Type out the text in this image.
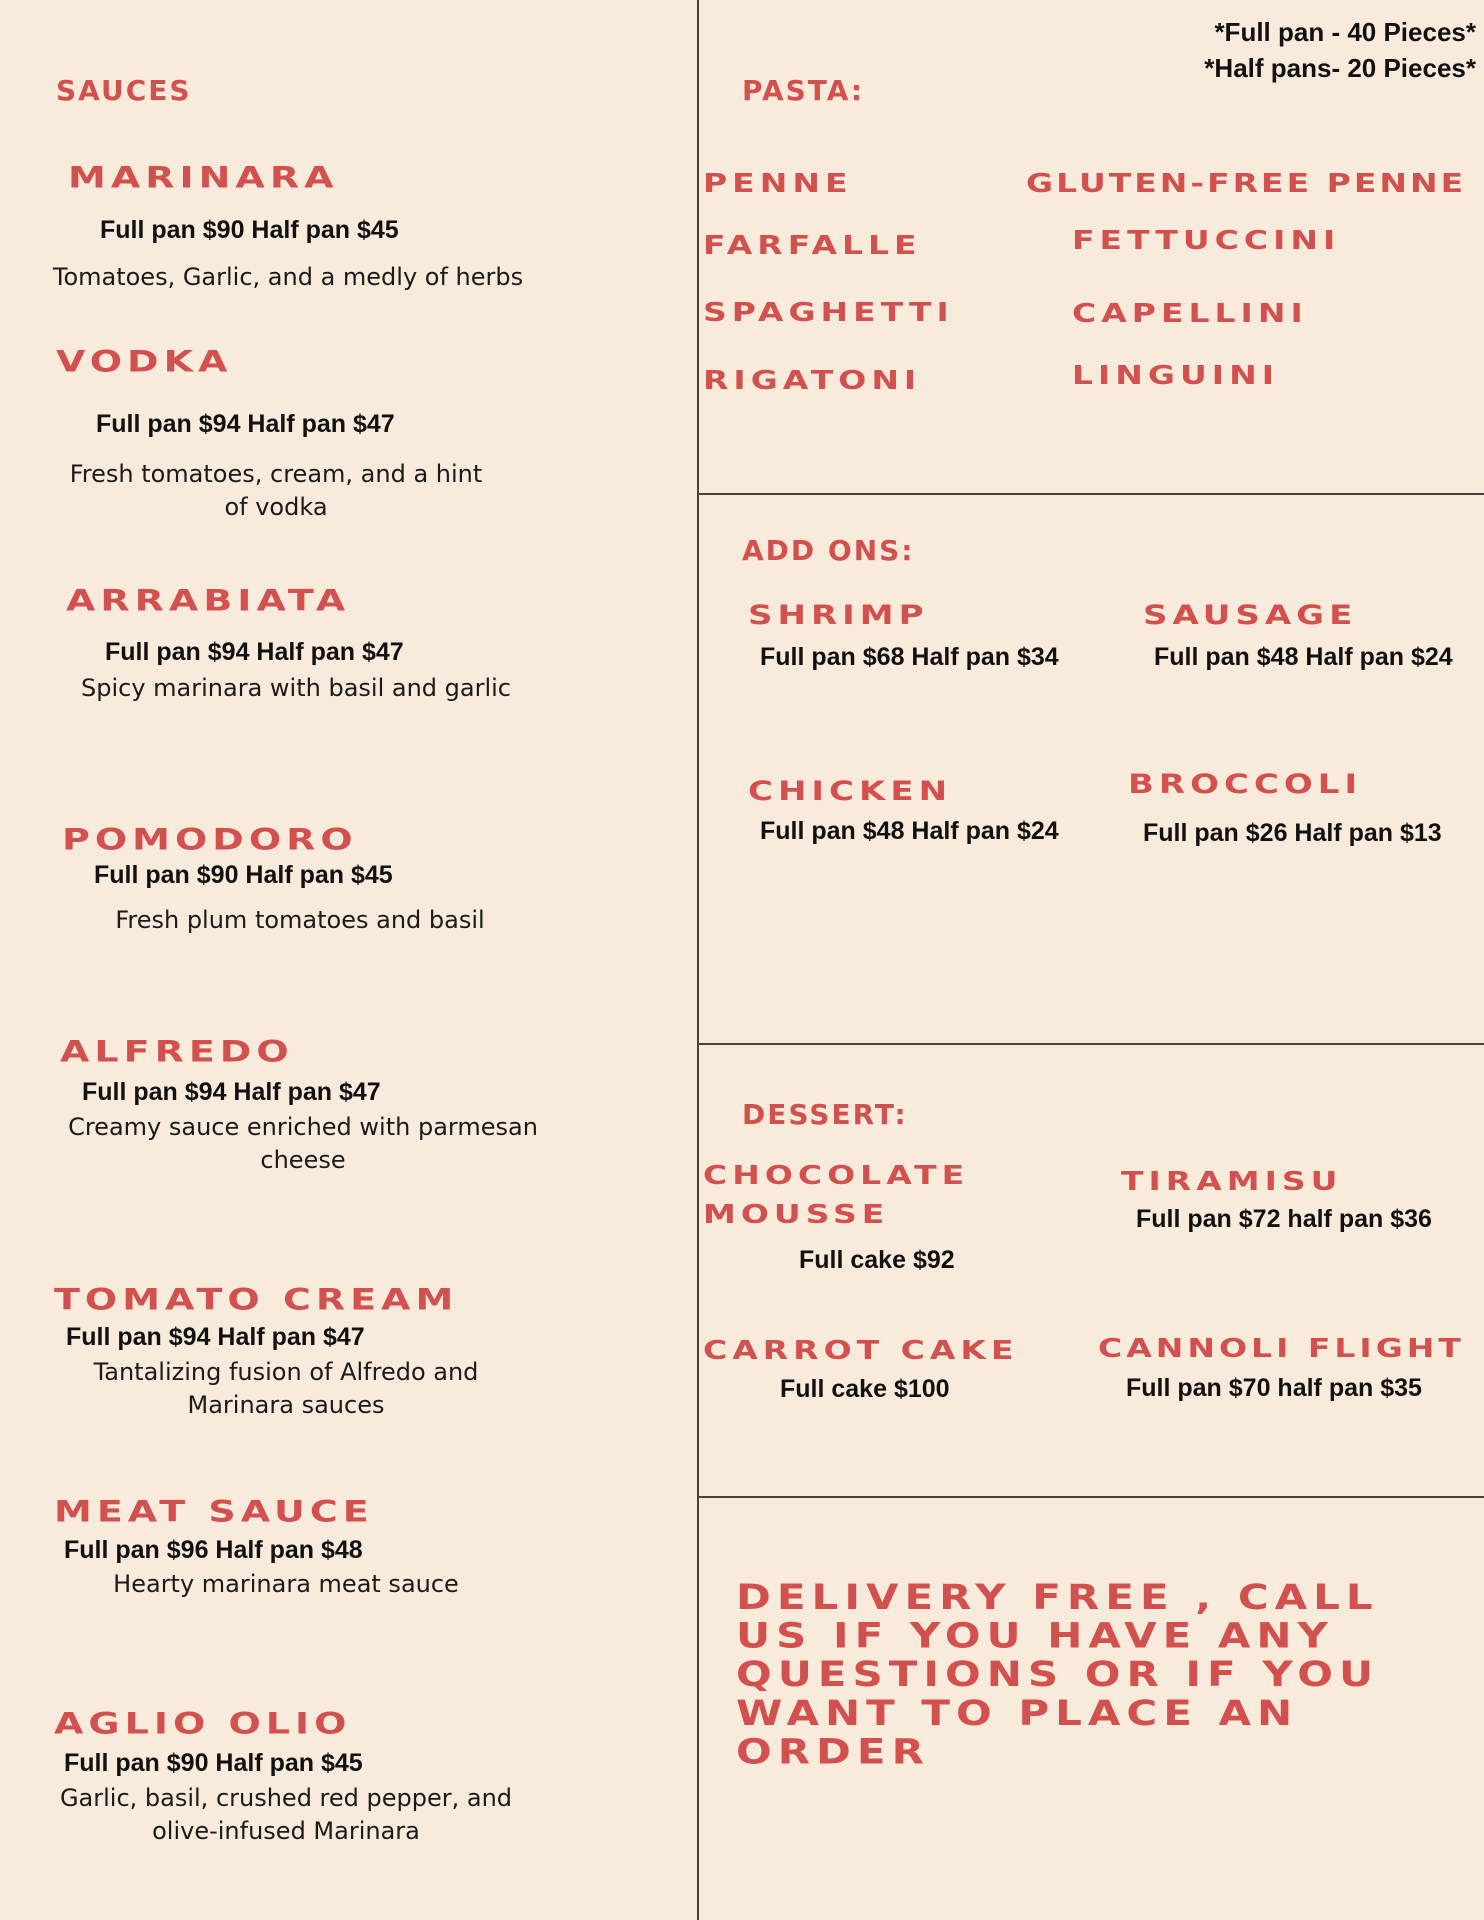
*Full pan - 40 Pieces*
*Half pans- 20 Pieces*
SAUCES
MARINARA
Full pan $90 Half pan $45
Tomatoes, Garlic, and a medly of herbs
VODKA
Full pan $94 Half pan $47
Fresh tomatoes, cream, and a hint of vodka
ARRABIATA
Full pan $94 Half pan $47
Spicy marinara with basil and garlic
POMODORO
Full pan $90 Half pan $45
Fresh plum tomatoes and basil
ALFREDO
Full pan $94 Half pan $47
Creamy sauce enriched with parmesan cheese
TOMATO CREAM
Full pan $94 Half pan $47
Tantalizing fusion of Alfredo and Marinara sauces
MEAT SAUCE
Full pan $96 Half pan $48
Hearty marinara meat sauce
AGLIO OLIO
Full pan $90 Half pan $45
Garlic, basil, crushed red pepper, and olive-infused Marinara
PASTA:
PENNE	GLUTEN-FREE PENNE
FARFALLE	FETTUCCINI
SPAGHETTI	CAPELLINI
RIGATONI	LINGUINI
ADD ONS:
SHRIMP
Full pan $68 Half pan $34
SAUSAGE
Full pan $48 Half pan $24
CHICKEN
Full pan $48 Half pan $24
BROCCOLI
Full pan $26 Half pan $13
DESSERT:
CHOCOLATE
MOUSSE
Full cake $92
TIRAMISU
Full pan $72 half pan $36
CARROT CAKE
Full cake $100
CANNOLI FLIGHT
Full pan $70 half pan $35
DELIVERY FREE , CALL
US IF YOU HAVE ANY
QUESTIONS OR IF YOU
WANT TO PLACE AN
ORDER
